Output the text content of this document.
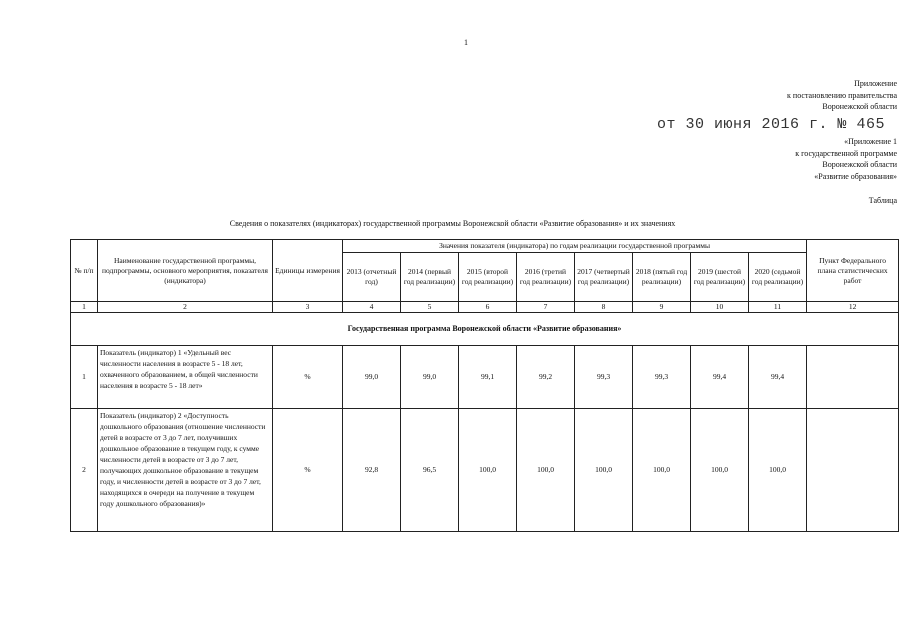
1
Приложение
к постановлению правительства
Воронежской области
от 30 июня 2016 г. № 465
«Приложение 1
к государственной программе
Воронежской области
«Развитие образования»
Таблица
Сведения о показателях (индикаторах) государственной программы Воронежской области «Развитие образования» и их значениях
№ п/п	Наименование государственной программы, подпрограммы, основного мероприятия, показателя (индикатора)	Единицы измерения	Значения показателя (индикатора) по годам реализации государственной программы								Пункт Федерального плана статистических работ
			2013 (отчетный год)	2014 (первый год реализации)	2015 (второй год реализации)	2016 (третий год реализации)	2017 (четвертый год реализации)	2018 (пятый год реализации)	2019 (шестой год реализации)	2020 (седьмой год реализации)	
1	2	3	4	5	6	7	8	9	10	11	12
Государственная программа Воронежской области «Развитие образования»											
1	Показатель (индикатор) 1 «Удельный вес численности населения в возрасте 5 - 18 лет, охваченного образованием, в общей численности населения в возрасте 5 - 18 лет»	%	99,0	99,0	99,1	99,2	99,3	99,3	99,4	99,4	
2	Показатель (индикатор) 2 «Доступность дошкольного образования (отношение численности детей в возрасте от 3 до 7 лет, получивших дошкольное образование в текущем году, к сумме численности детей в возрасте от 3 до 7 лет, получающих дошкольное образование в текущем году, и численности детей в возрасте от 3 до 7 лет, находящихся в очереди на получение в текущем году дошкольного образования)»	%	92,8	96,5	100,0	100,0	100,0	100,0	100,0	100,0	
